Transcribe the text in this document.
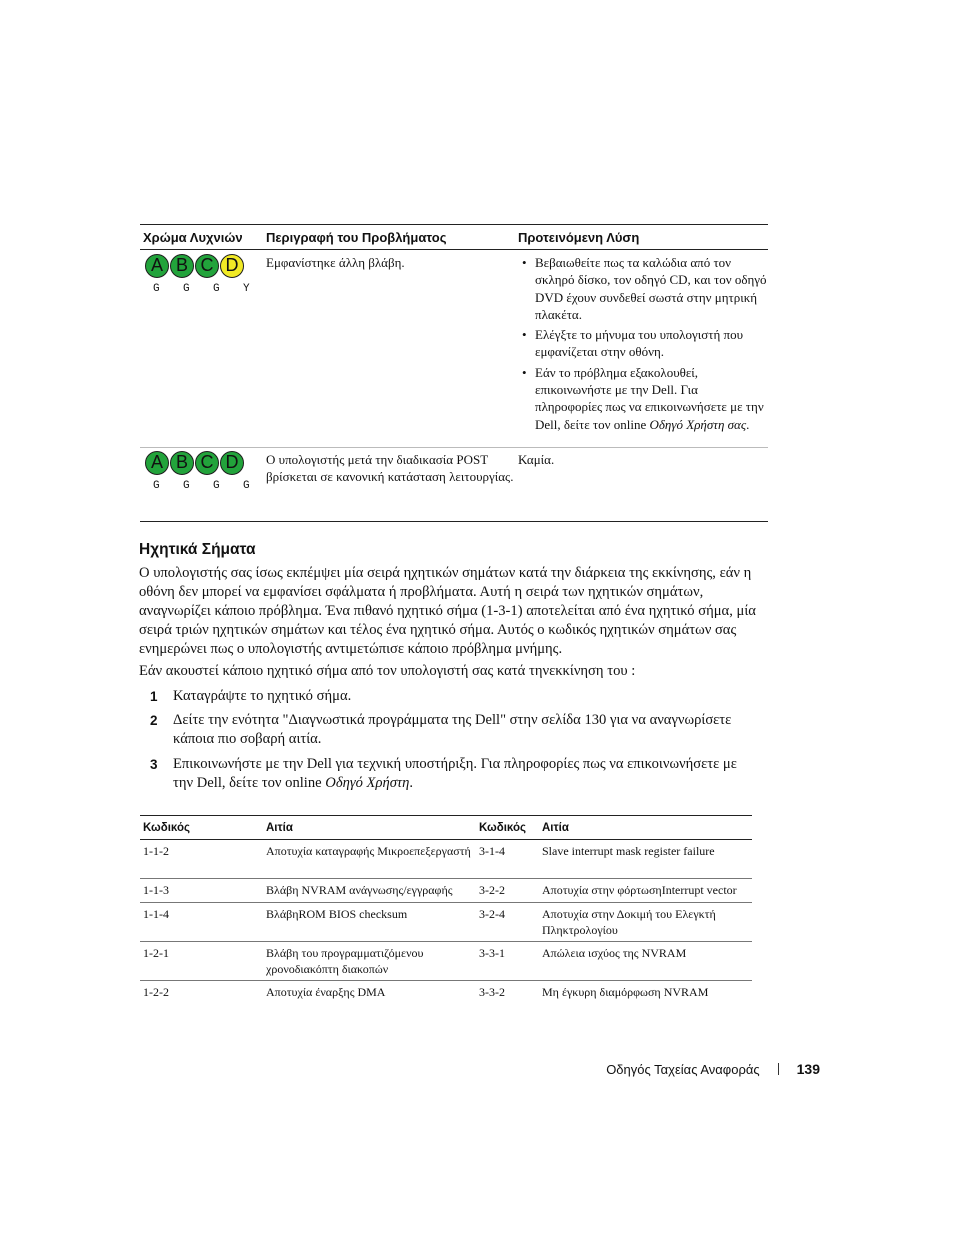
Χρώμα Λυχνιών	Περιγραφή του Προβλήματος	Προτεινόμενη Λύση
A B C D
G	G	G	Y
Εμφανίστηκε άλλη βλάβη.
•	Βεβαιωθείτε πως τα καλώδια από τον σκληρό δίσκο, τον οδηγό CD, και τον οδηγό DVD έχουν συνδεθεί σωστά στην μητρική πλακέτα.
• Ελέγξτε το μήνυμα του υπολογιστή που εμφανίζεται στην οθόνη.
• Εάν το πρόβλημα εξακολουθεί, επικοινωνήστε με την Dell. Για πληροφορίες πως να επικοινωνήσετε με την Dell, δείτε τον online Οδηγό Χρήστη σας.
A B C D
G	G	G	G
Ο υπολογιστής μετά την διαδικασία POST βρίσκεται σε κανονική κατάσταση λειτουργίας.
Καμία.
Ηχητικά Σήματα

Ο υπολογιστής σας ίσως εκπέμψει μία σειρά ηχητικών σημάτων κατά την διάρκεια της εκκίνησης, εάν η οθόνη δεν μπορεί να εμφανίσει σφάλματα ή προβλήματα. Αυτή η σειρά των ηχητικών σημάτων, αναγνωρίζει κάποιο πρόβλημα. Ένα πιθανό ηχητικό σήμα (1-3-1) αποτελείται από ένα ηχητικό σήμα, μία σειρά τριών ηχητικών σημάτων και τέλος ένα ηχητικό σήμα. Αυτός ο κωδικός ηχητικών σημάτων σας ενημερώνει πως ο υπολογιστής αντιμετώπισε κάποιο πρόβλημα μνήμης.

Εάν ακουστεί κάποιο ηχητικό σήμα από τον υπολογιστή σας κατά τηνεκκίνηση του :

1	Καταγράψτε το ηχητικό σήμα.
2	Δείτε την ενότητα "Διαγνωστικά προγράμματα της Dell" στην σελίδα 130 για να αναγνωρίσετε κάποια πιο σοβαρή αιτία.
3	Επικοινωνήστε με την Dell για τεχνική υποστήριξη. Για πληροφορίες πως να επικοινωνήσετε με την Dell, δείτε τον online Οδηγό Χρήστη.
Κωδικός	Αιτία	Κωδικός	Αιτία
1-1-2	Αποτυχία καταγραφής Μικροεπεξεργαστή 3-1-4	Slave interrupt mask register failure
1-1-3	Βλάβη NVRAM ανάγνωσης/εγγραφής	3-2-2	Αποτυχία στην φόρτωσηInterrupt vector
1-1-4	ΒλάβηROM BIOS checksum	3-2-4	Αποτυχία στην Δοκιμή του Ελεγκτή Πληκτρολογίου
1-2-1	Βλάβη του προγραμματιζόμενου χρονοδιακόπτη διακοπών
3-3-1	Απώλεια ισχύος της NVRAM
1-2-2	Αποτυχία έναρξης DMA	3-3-2	Μη έγκυρη διαμόρφωση NVRAM
Οδηγός Ταχείας Αναφοράς	139
